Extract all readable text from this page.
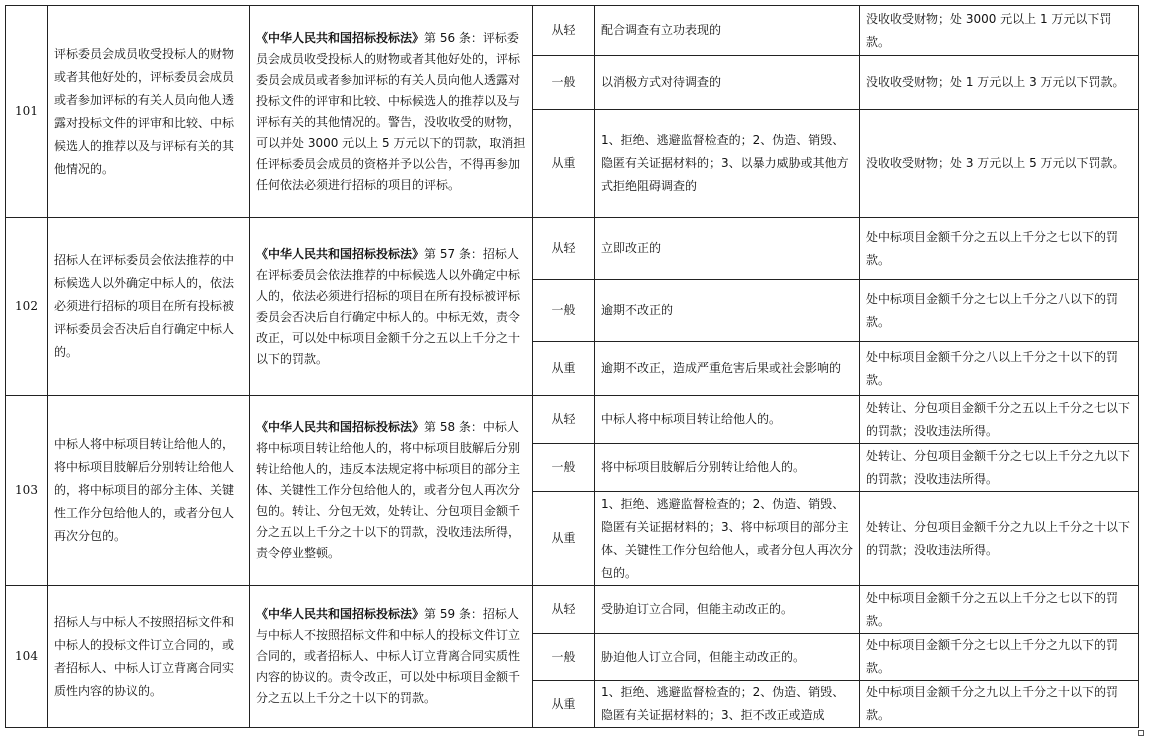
101	评标委员会成员收受投标人的财物或者其他好处的，评标委员会成员或者参加评标的有关人员向他人透露对投标文件的评审和比较、中标候选人的推荐以及与评标有关的其他情况的。	《中华人民共和国招标投标法》第 56 条：评标委员会成员收受投标人的财物或者其他好处的，评标委员会成员或者参加评标的有关人员向他人透露对投标文件的评审和比较、中标候选人的推荐以及与评标有关的其他情况的。警告，没收收受的财物，可以并处 3000 元以上 5 万元以下的罚款，取消担任评标委员会成员的资格并予以公告，不得再参加任何依法必须进行招标的项目的评标。	从轻	配合调查有立功表现的	没收收受财物；处 3000 元以上 1 万元以下罚款。
			一般	以消极方式对待调查的	没收收受财物；处 1 万元以上 3 万元以下罚款。
			从重	1、拒绝、逃避监督检查的；2、伪造、销毁、隐匿有关证据材料的；3、以暴力威胁或其他方式拒绝阻碍调查的	没收收受财物；处 3 万元以上 5 万元以下罚款。
102	招标人在评标委员会依法推荐的中标候选人以外确定中标人的，依法必须进行招标的项目在所有投标被评标委员会否决后自行确定中标人的。	《中华人民共和国招标投标法》第 57 条：招标人在评标委员会依法推荐的中标候选人以外确定中标人的，依法必须进行招标的项目在所有投标被评标委员会否决后自行确定中标人的。中标无效，责令改正，可以处中标项目金额千分之五以上千分之十以下的罚款。	从轻	立即改正的	处中标项目金额千分之五以上千分之七以下的罚款。
			一般	逾期不改正的	处中标项目金额千分之七以上千分之八以下的罚款。
			从重	逾期不改正，造成严重危害后果或社会影响的	处中标项目金额千分之八以上千分之十以下的罚款。
103	中标人将中标项目转让给他人的，将中标项目肢解后分别转让给他人的，将中标项目的部分主体、关键性工作分包给他人的，或者分包人再次分包的。	《中华人民共和国招标投标法》第 58 条：中标人将中标项目转让给他人的，将中标项目肢解后分别转让给他人的，违反本法规定将中标项目的部分主体、关键性工作分包给他人的，或者分包人再次分包的。转让、分包无效，处转让、分包项目金额千分之五以上千分之十以下的罚款，没收违法所得，责令停业整顿。	从轻	中标人将中标项目转让给他人的。	处转让、分包项目金额千分之五以上千分之七以下的罚款；没收违法所得。
			一般	将中标项目肢解后分别转让给他人的。	处转让、分包项目金额千分之七以上千分之九以下的罚款；没收违法所得。
			从重	1、拒绝、逃避监督检查的；2、伪造、销毁、隐匿有关证据材料的；3、将中标项目的部分主体、关键性工作分包给他人，或者分包人再次分包的。	处转让、分包项目金额千分之九以上千分之十以下的罚款；没收违法所得。
104	招标人与中标人不按照招标文件和中标人的投标文件订立合同的，或者招标人、中标人订立背离合同实质性内容的协议的。	《中华人民共和国招标投标法》第 59 条：招标人与中标人不按照招标文件和中标人的投标文件订立合同的，或者招标人、中标人订立背离合同实质性内容的协议的。责令改正，可以处中标项目金额千分之五以上千分之十以下的罚款。	从轻	受胁迫订立合同，但能主动改正的。	处中标项目金额千分之五以上千分之七以下的罚款。
			一般	胁迫他人订立合同，但能主动改正的。	处中标项目金额千分之七以上千分之九以下的罚款。
			从重	1、拒绝、逃避监督检查的；2、伪造、销毁、隐匿有关证据材料的；3、拒不改正或造成	处中标项目金额千分之九以上千分之十以下的罚款。
